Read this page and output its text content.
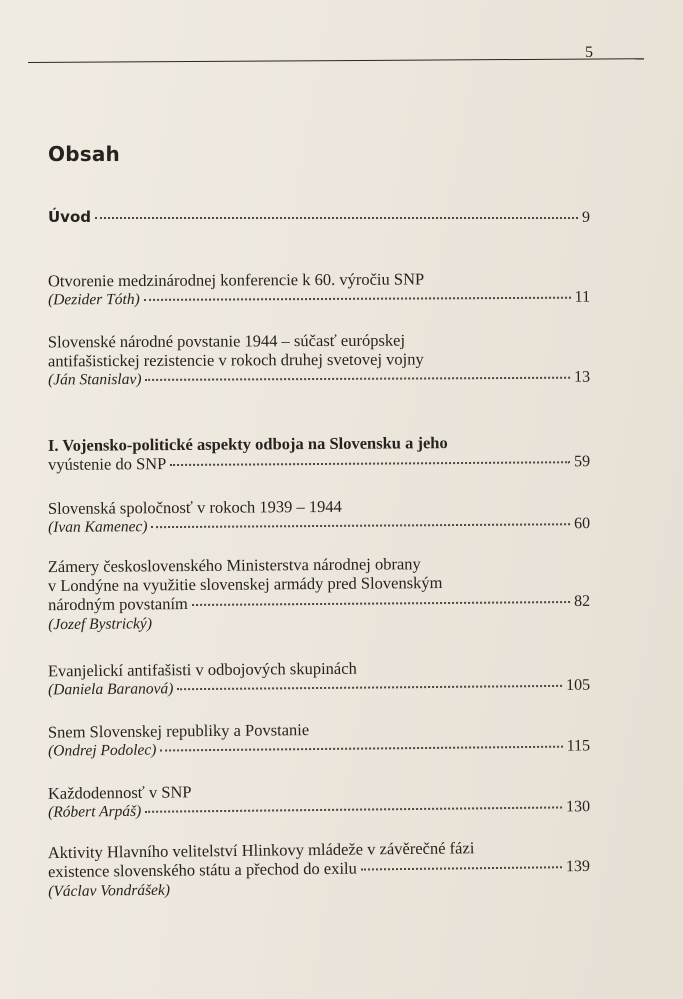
5
Obsah
Úvod	9
Otvorenie medzinárodnej konferencie k 60. výročiu SNP
(Dezider Tóth)	11
Slovenské národné povstanie 1944 – súčasť európskej
antifašistickej rezistencie v rokoch druhej svetovej vojny
(Ján Stanislav)	13
I. Vojensko-politické aspekty odboja na Slovensku a jeho
vyústenie do SNP	59
Slovenská spoločnosť v rokoch 1939 – 1944
(Ivan Kamenec)	60
Zámery československého Ministerstva národnej obrany
v Londýne na využitie slovenskej armády pred Slovenským
národným povstaním	82
(Jozef Bystrický)
Evanjelickí antifašisti v odbojových skupinách
(Daniela Baranová)	105
Snem Slovenskej republiky a Povstanie
(Ondrej Podolec)	115
Každodennosť v SNP
(Róbert Arpáš)	130
Aktivity Hlavního velitelství Hlinkovy mládeže v závěrečné fázi
existence slovenského státu a přechod do exilu	139
(Václav Vondrášek)
